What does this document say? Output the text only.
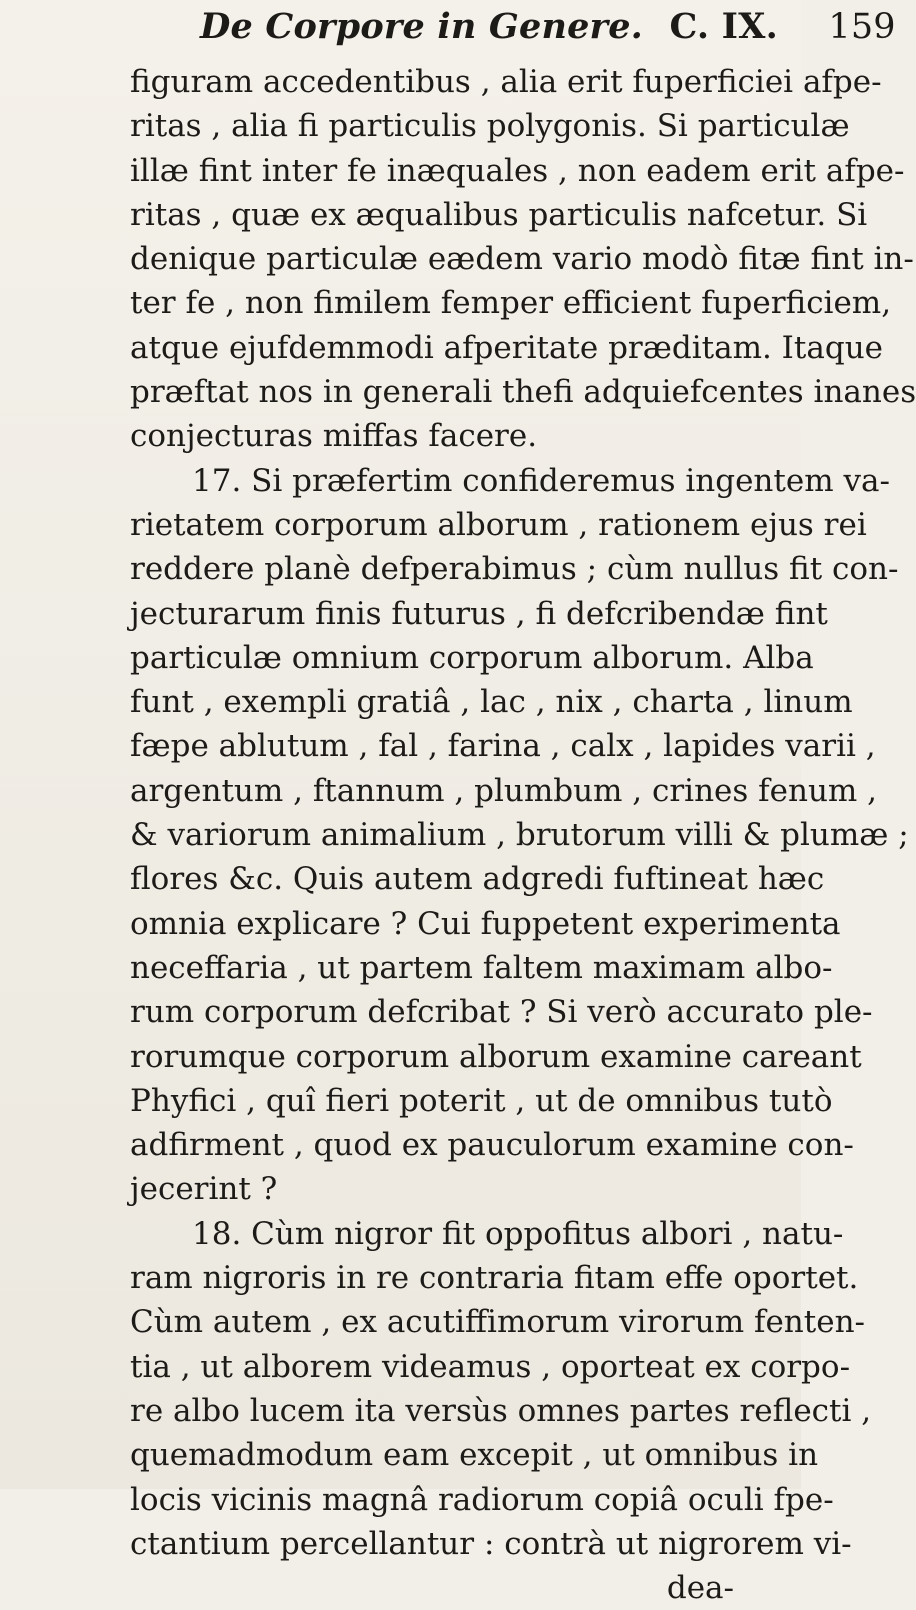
De Corpore in Genere. C. IX. 159
figuram accedentibus , alia erit fuperficiei afpe-
ritas , alia fi particulis polygonis. Si particulæ
illæ fint inter fe inæquales , non eadem erit afpe-
ritas , quæ ex æqualibus particulis nafcetur. Si
denique particulæ eædem vario modò fitæ fint in-
ter fe , non fimilem femper efficient fuperficiem,
atque ejufdemmodi afperitate præditam. Itaque
præftat nos in generali thefi adquiefcentes inanes
conjecturas miffas facere.
17. Si præfertim confideremus ingentem va-
rietatem corporum alborum , rationem ejus rei
reddere planè defperabimus ; cùm nullus fit con-
jecturarum finis futurus , fi defcribendæ fint
particulæ omnium corporum alborum. Alba
funt , exempli gratiâ , lac , nix , charta , linum
fæpe ablutum , fal , farina , calx , lapides varii ,
argentum , ftannum , plumbum , crines fenum ,
& variorum animalium , brutorum villi & plumæ ;
flores &c. Quis autem adgredi fuftineat hæc
omnia explicare ? Cui fuppetent experimenta
neceffaria , ut partem faltem maximam albo-
rum corporum defcribat ? Si verò accurato ple-
rorumque corporum alborum examine careant
Phyfici , quî fieri poterit , ut de omnibus tutò
adfirment , quod ex pauculorum examine con-
jecerint ?
18. Cùm nigror fit oppofitus albori , natu-
ram nigroris in re contraria fitam effe oportet.
Cùm autem , ex acutiffimorum virorum fenten-
tia , ut alborem videamus , oporteat ex corpo-
re albo lucem ita versùs omnes partes reflecti ,
quemadmodum eam excepit , ut omnibus in
locis vicinis magnâ radiorum copiâ oculi fpe-
ctantium percellantur : contrà ut nigrorem vi-
dea-
